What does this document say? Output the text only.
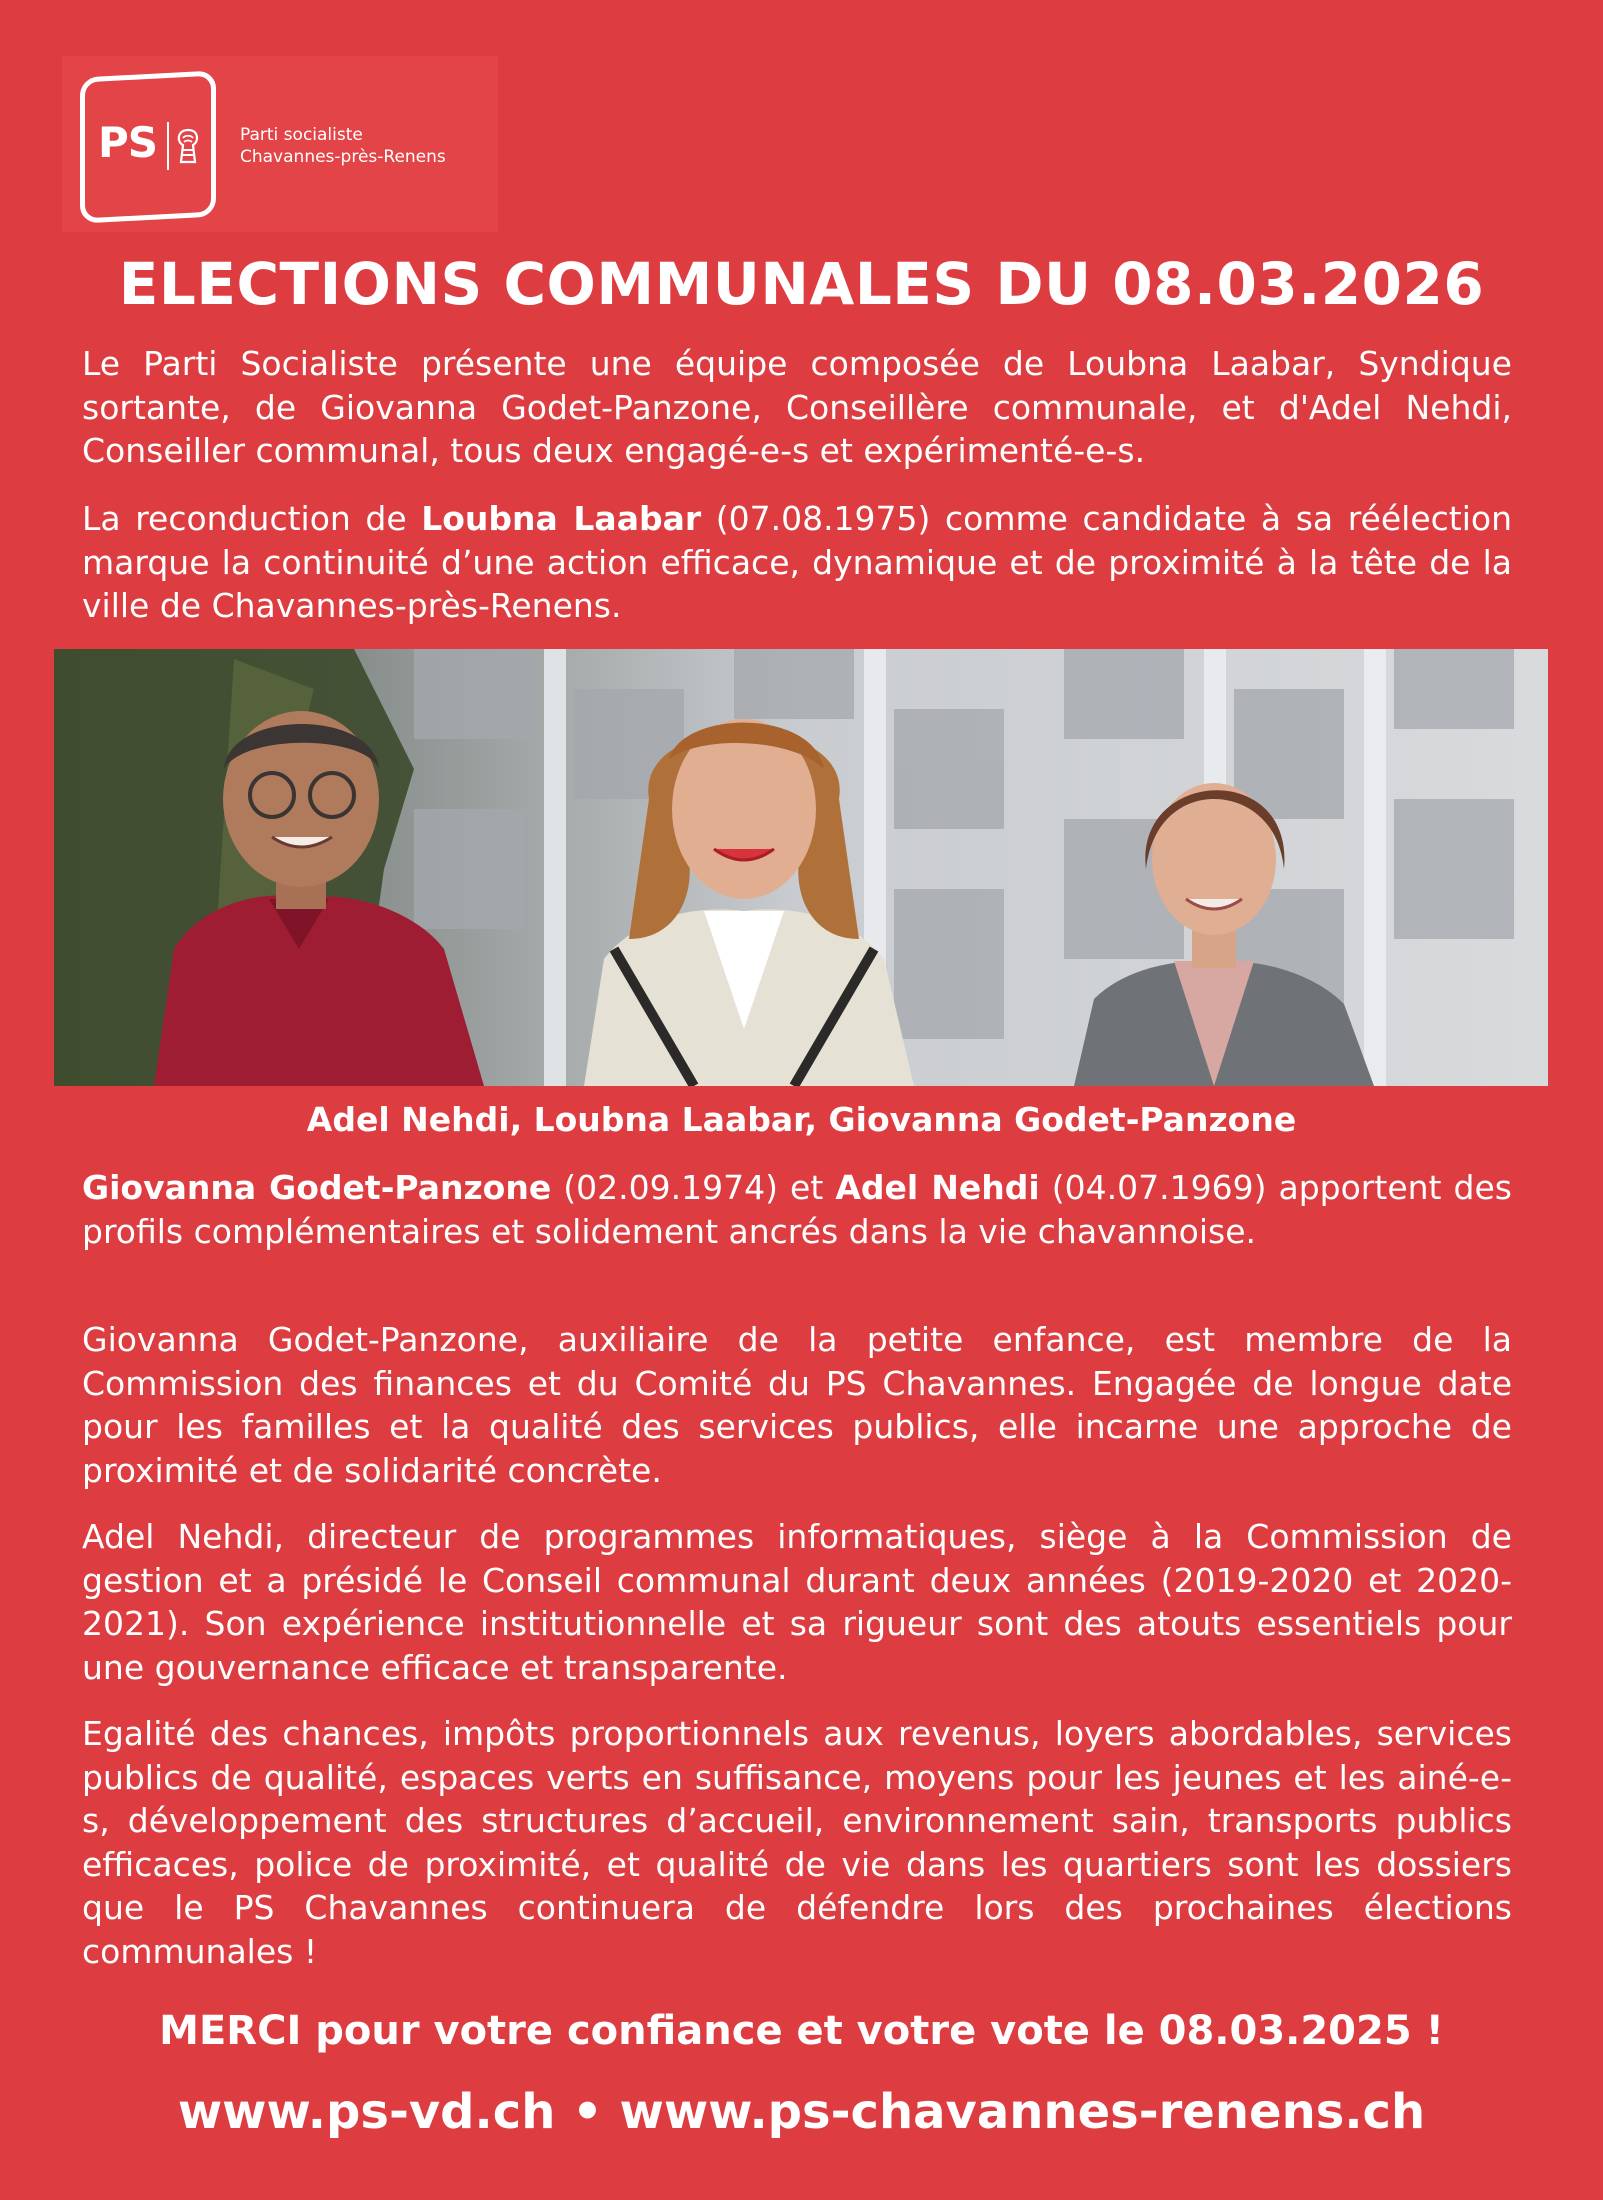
PS	Parti socialiste
Chavannes-près-Renens
ELECTIONS COMMUNALES DU 08.03.2026

Le Parti Socialiste présente une équipe composée de Loubna Laabar, Syndique sortante, de Giovanna Godet-Panzone, Conseillère communale, et d'Adel Nehdi, Conseiller communal, tous deux engagé-e-s et expérimenté-e-s.

La reconduction de Loubna Laabar (07.08.1975) comme candidate à sa réélection marque la continuité d’une action efficace, dynamique et de proximité à la tête de la ville de Chavannes-près-Renens.

Adel Nehdi, Loubna Laabar, Giovanna Godet-Panzone

Giovanna Godet-Panzone (02.09.1974) et Adel Nehdi (04.07.1969) apportent des profils complémentaires et solidement ancrés dans la vie chavannoise.

Giovanna Godet-Panzone, auxiliaire de la petite enfance, est membre de la Commission des finances et du Comité du PS Chavannes. Engagée de longue date pour les familles et la qualité des services publics, elle incarne une approche de proximité et de solidarité concrète.

Adel Nehdi, directeur de programmes informatiques, siège à la Commission de gestion et a présidé le Conseil communal durant deux années (2019-2020 et 2020-2021). Son expérience institutionnelle et sa rigueur sont des atouts essentiels pour une gouvernance efficace et transparente.

Egalité des chances, impôts proportionnels aux revenus, loyers abordables, services publics de qualité, espaces verts en suffisance, moyens pour les jeunes et les ainé-e-s, développement des structures d’accueil, environnement sain, transports publics efficaces, police de proximité, et qualité de vie dans les quartiers sont les dossiers que le PS Chavannes continuera de défendre lors des prochaines élections communales !

MERCI pour votre confiance et votre vote le 08.03.2025 !
www.ps-vd.ch • www.ps-chavannes-renens.ch
